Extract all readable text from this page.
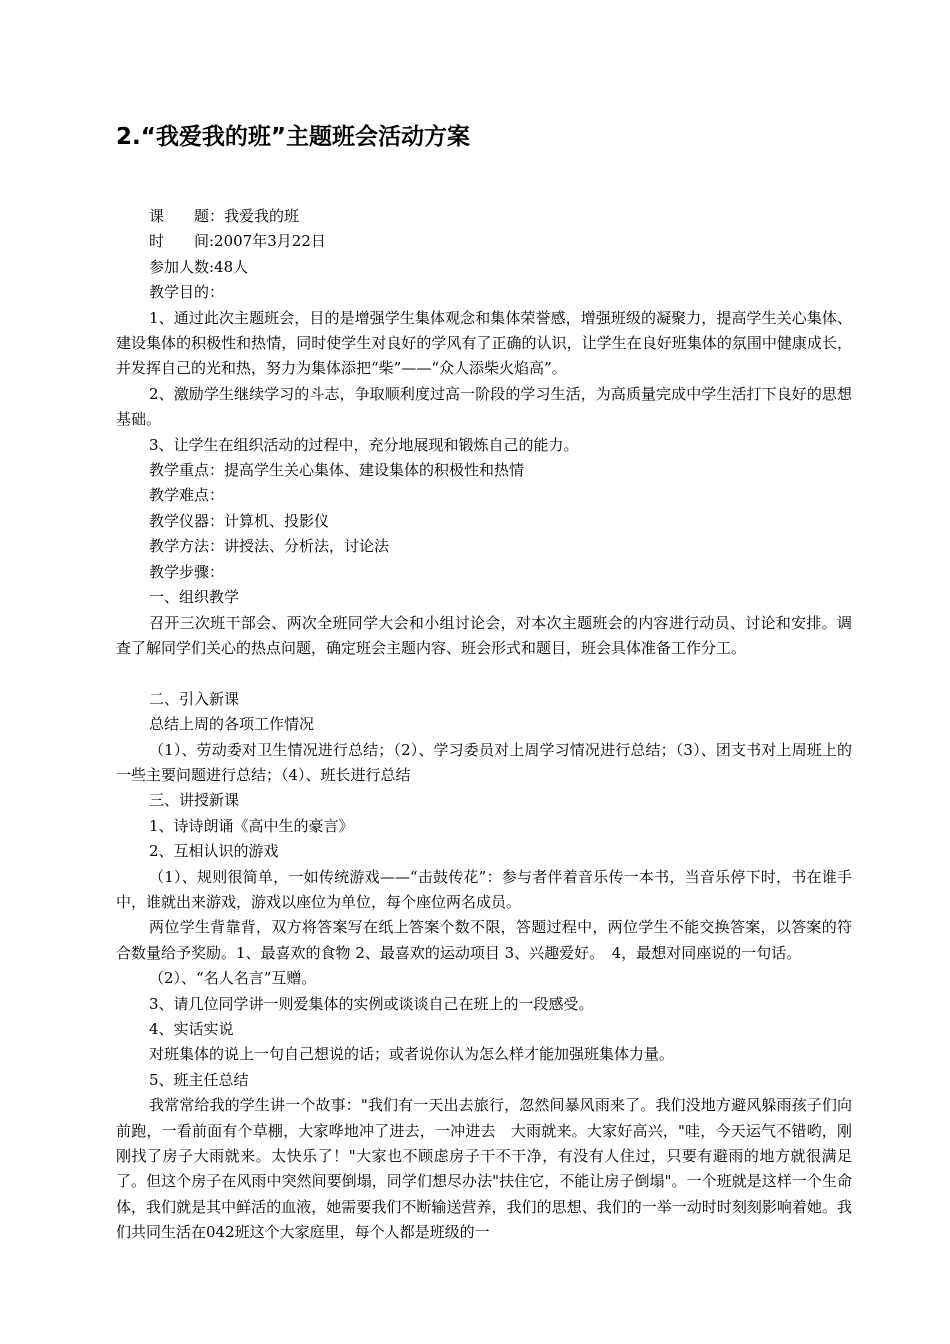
2.“我爱我的班”主题班会活动方案

课　　题：我爱我的班

时　　间:2007年3月22日

参加人数:48人

教学目的：

1、通过此次主题班会，目的是增强学生集体观念和集体荣誉感，增强班级的凝聚力，提高学生关心集体、建设集体的积极性和热情，同时使学生对良好的学风有了正确的认识，让学生在良好班集体的氛围中健康成长，并发挥自己的光和热，努力为集体添把“柴”——“众人添柴火焰高”。

2、激励学生继续学习的斗志，争取顺利度过高一阶段的学习生活，为高质量完成中学生活打下良好的思想基础。

3、让学生在组织活动的过程中，充分地展现和锻炼自己的能力。

教学重点：提高学生关心集体、建设集体的积极性和热情

教学难点：

教学仪器：计算机、投影仪

教学方法：讲授法、分析法，讨论法

教学步骤：

一、组织教学

召开三次班干部会、两次全班同学大会和小组讨论会，对本次主题班会的内容进行动员、讨论和安排。调查了解同学们关心的热点问题，确定班会主题内容、班会形式和题目，班会具体准备工作分工。

二、引入新课

总结上周的各项工作情况

（1）、劳动委对卫生情况进行总结；（2）、学习委员对上周学习情况进行总结；（3）、团支书对上周班上的一些主要问题进行总结；（4）、班长进行总结

三、讲授新课

1、诗诗朗诵《高中生的豪言》

2、互相认识的游戏

（1）、规则很简单，一如传统游戏——“击鼓传花”：参与者伴着音乐传一本书，当音乐停下时，书在谁手中，谁就出来游戏，游戏以座位为单位，每个座位两名成员。

两位学生背靠背，双方将答案写在纸上答案个数不限，答题过程中，两位学生不能交换答案，以答案的符合数量给予奖励。1、最喜欢的食物 2、最喜欢的运动项目 3、兴趣爱好。　4，最想对同座说的一句话。

（2）、“名人名言”互赠。

3、请几位同学讲一则爱集体的实例或谈谈自己在班上的一段感受。

4、实话实说

对班集体的说上一句自己想说的话；或者说你认为怎么样才能加强班集体力量。

5、班主任总结

我常常给我的学生讲一个故事："我们有一天出去旅行，忽然间暴风雨来了。我们没地方避风躲雨孩子们向前跑，一看前面有个草棚，大家哗地冲了进去，一冲进去　大雨就来。大家好高兴，"哇，今天运气不错哟，刚刚找了房子大雨就来。太快乐了！"大家也不顾虑房子干不干净，有没有人住过，只要有避雨的地方就很满足　了。但这个房子在风雨中突然间要倒塌，同学们想尽办法"扶住它，不能让房子倒塌"。一个班就是这样一个生命体，我们就是其中鲜活的血液，她需要我们不断输送营养，我们的思想、我们的一举一动时时刻刻影响着她。我们共同生活在042班这个大家庭里，每个人都是班级的一
